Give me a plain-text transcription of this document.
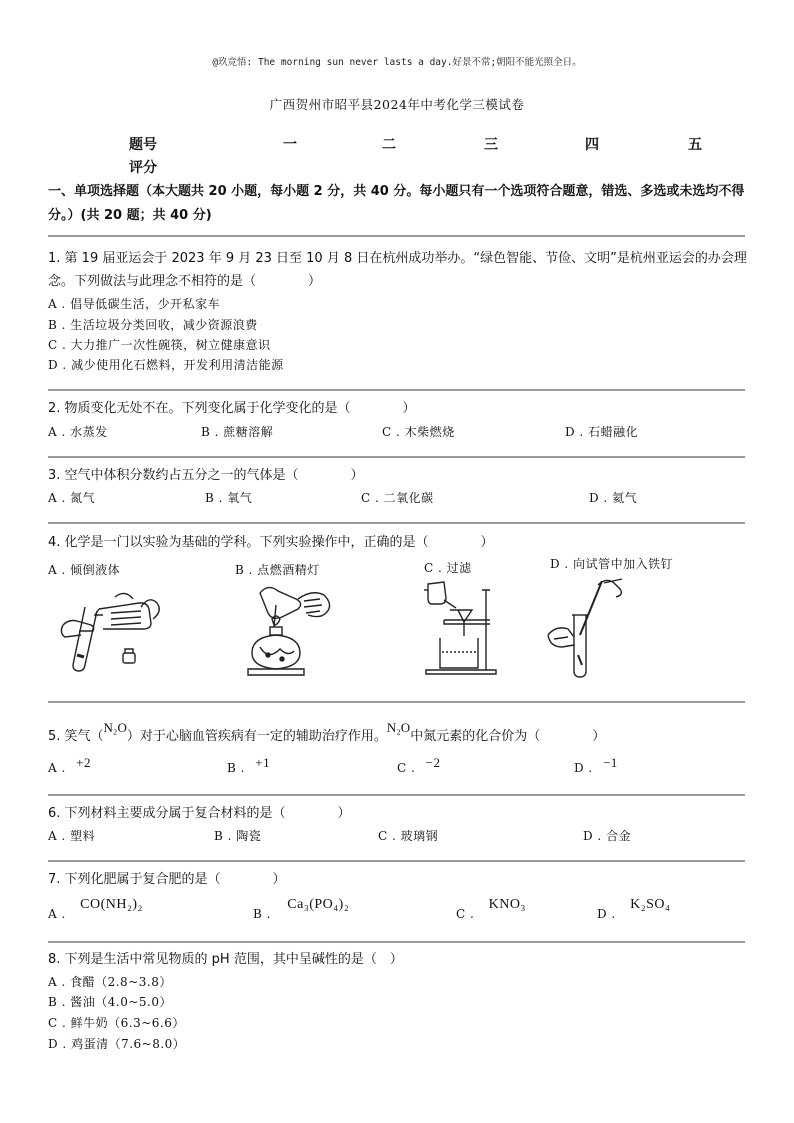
@玖竞悟: The morning sun never lasts a day.好景不常;朝阳不能光照全日。
广西贺州市昭平县2024年中考化学三模试卷
题号	一	二	三	四	五
评分
一、单项选择题（本大题共 20 小题，每小题 2 分，共 40 分。每小题只有一个选项符合题意，错选、多选或未选均不得分。）(共 20 题；共 40 分)
1. 第 19 届亚运会于 2023 年 9 月 23 日至 10 月 8 日在杭州成功举办。“绿色智能、节俭、文明”是杭州亚运会的办会理念。下列做法与此理念不相符的是（　　　　）
A . 倡导低碳生活，少开私家车
B . 生活垃圾分类回收，减少资源浪费
C . 大力推广一次性碗筷，树立健康意识
D . 减少使用化石燃料，开发利用清洁能源
2. 物质变化无处不在。下列变化属于化学变化的是（　　　　）
A . 水蒸发	B . 蔗糖溶解	C . 木柴燃烧	D . 石蜡融化
3. 空气中体积分数约占五分之一的气体是（　　　　）
A . 氮气	B . 氧气	C . 二氧化碳	D . 氦气
4. 化学是一门以实验为基础的学科。下列实验操作中，正确的是（　　　　）
A . 倾倒液体	B . 点燃酒精灯	C . 过滤	D . 向试管中加入铁钉
5. 笑气（N₂O）对于心脑血管疾病有一定的辅助治疗作用。N₂O中氮元素的化合价为（　　　　）
A . +2	B . +1	C . −2	D . −1
6. 下列材料主要成分属于复合材料的是（　　　　）
A . 塑料	B . 陶瓷	C . 玻璃钢	D . 合金
7. 下列化肥属于复合肥的是（　　　　）
A . CO(NH₂)₂
B . Ca₃(PO₄)₂
C . KNO₃
D . K₂SO₄
8. 下列是生活中常见物质的 pH 范围，其中呈碱性的是（　）
A . 食醋（2.8~3.8）
B . 酱油（4.0~5.0）
C . 鲜牛奶（6.3~6.6）
D . 鸡蛋清（7.6~8.0）
